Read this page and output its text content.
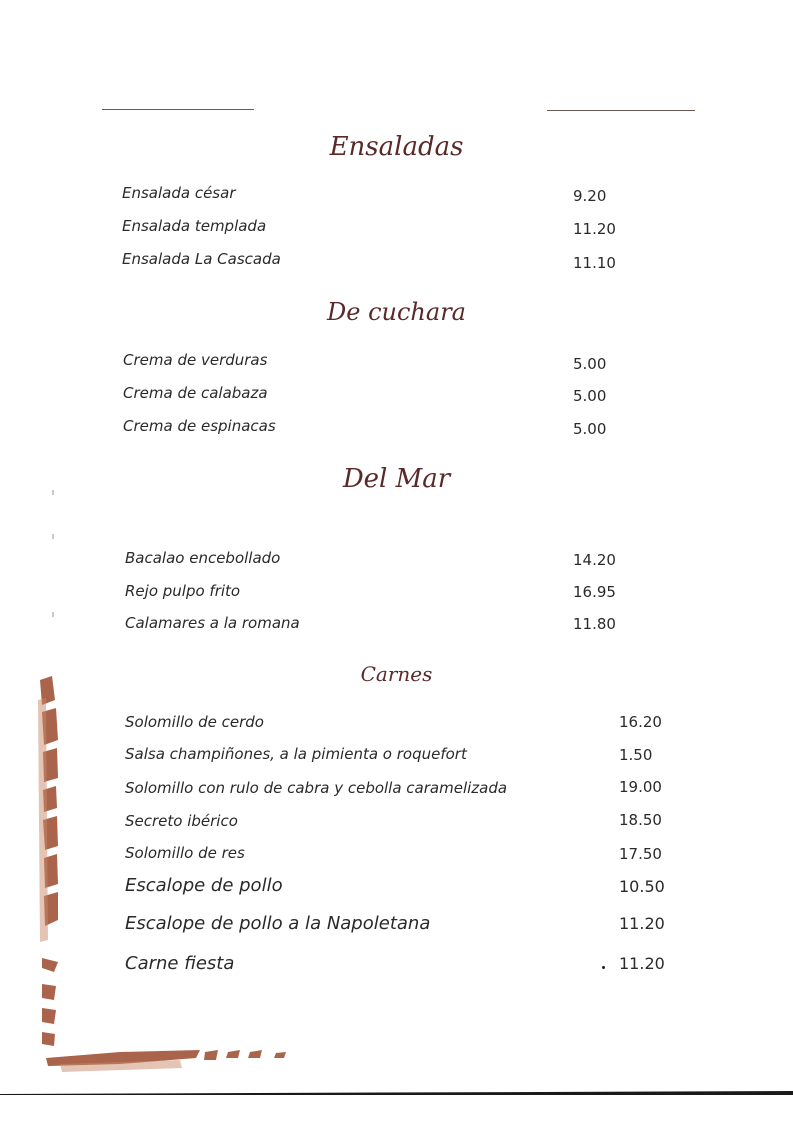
Ensaladas
Ensalada césar	9.20
Ensalada templada	11.20
Ensalada La Cascada	11.10
De cuchara
Crema de verduras	5.00
Crema de calabaza	5.00
Crema de espinacas	5.00
Del Mar
Bacalao encebollado	14.20
Rejo pulpo frito	16.95
Calamares a la romana	11.80
Carnes
Solomillo de cerdo	16.20
Salsa champiñones, a la pimienta o roquefort	1.50
Solomillo con rulo de cabra y cebolla caramelizada	19.00
Secreto ibérico	18.50
Solomillo de res	17.50
Escalope de pollo	10.50
Escalope de pollo a la Napoletana	11.20
Carne fiesta	11.20
